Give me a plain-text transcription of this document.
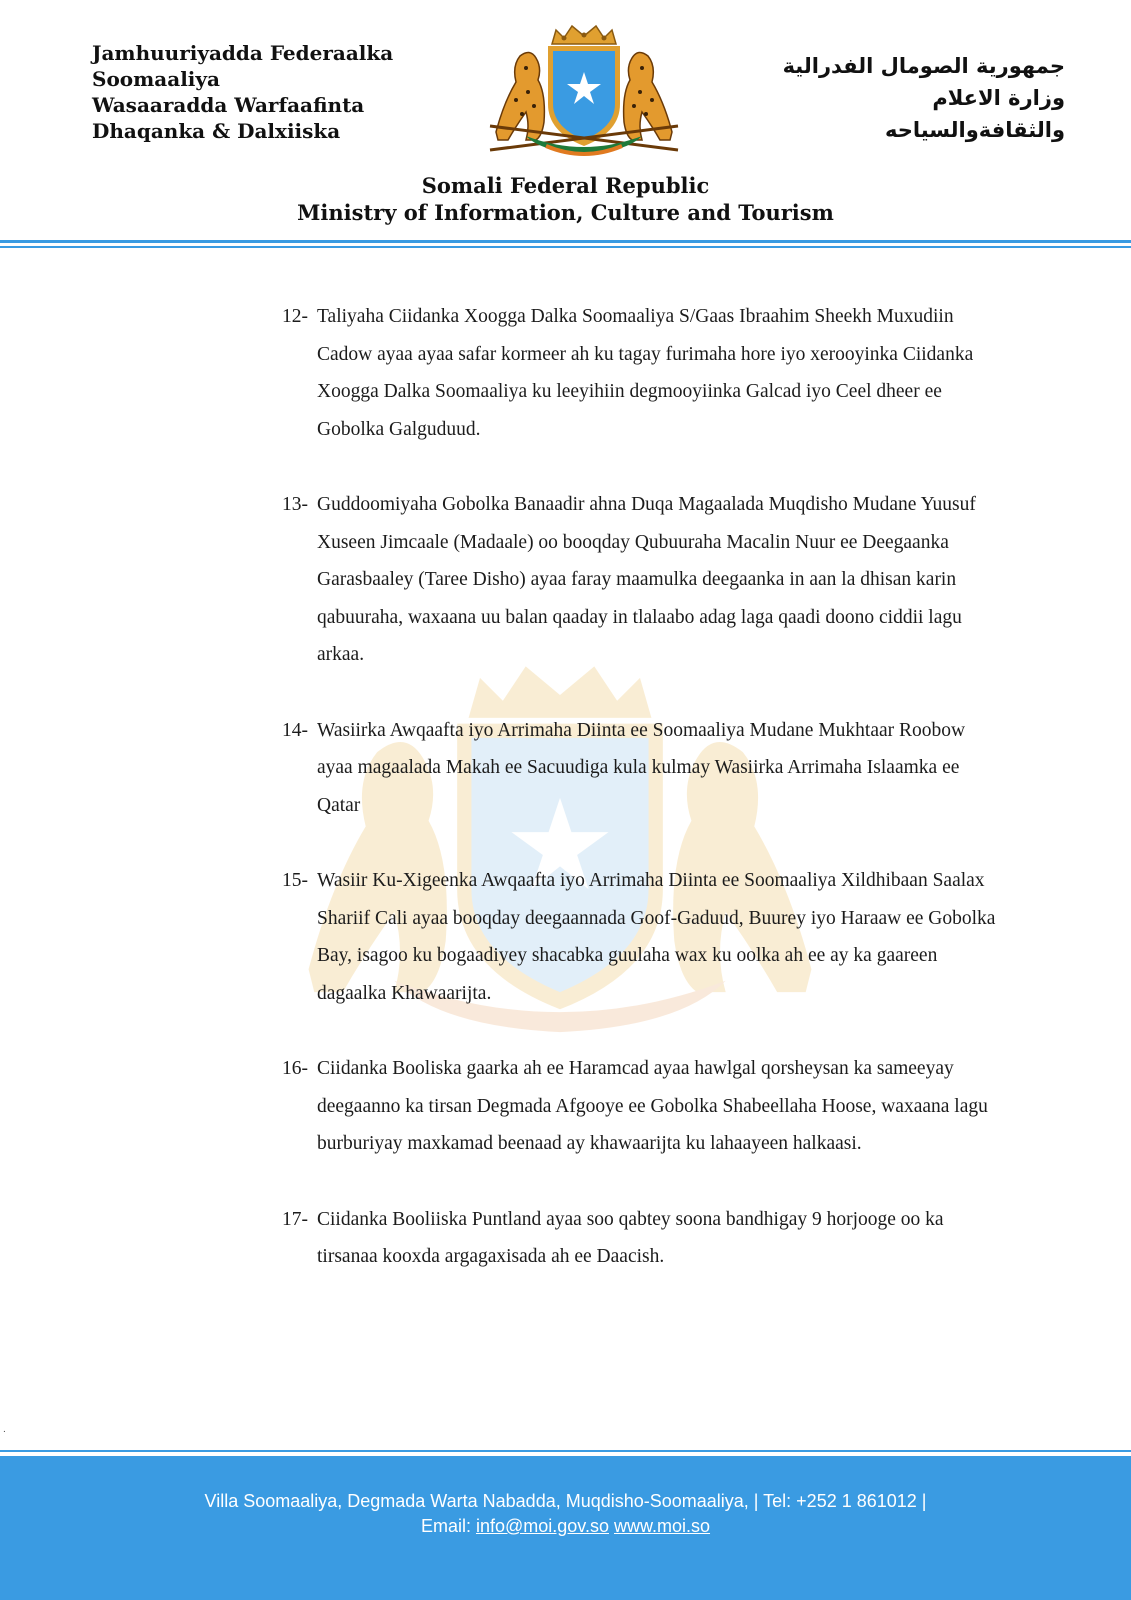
Jamhuuriyadda Federaalka
Soomaaliya
Wasaaradda Warfaafinta
Dhaqanka & Dalxiiska
جمهورية الصومال الفدرالية
وزارة الاعلام
والثقافةوالسياحه
Somali Federal Republic
Ministry of Information, Culture and Tourism
12- Taliyaha Ciidanka Xoogga Dalka Soomaaliya S/Gaas Ibraahim Sheekh Muxudiin Cadow ayaa ayaa safar kormeer ah ku tagay furimaha hore iyo xerooyinka Ciidanka Xoogga Dalka Soomaaliya ku leeyihiin degmooyiinka Galcad iyo Ceel dheer ee Gobolka Galguduud.
13- Guddoomiyaha Gobolka Banaadir ahna Duqa Magaalada Muqdisho Mudane Yuusuf Xuseen Jimcaale (Madaale) oo booqday Qubuuraha Macalin Nuur ee Deegaanka Garasbaaley (Taree Disho) ayaa faray maamulka deegaanka in aan la dhisan karin qabuuraha, waxaana uu balan qaaday in tlalaabo adag laga qaadi doono ciddii lagu arkaa.
14- Wasiirka Awqaafta iyo Arrimaha Diinta ee Soomaaliya Mudane Mukhtaar Roobow ayaa magaalada Makah ee Sacuudiga kula kulmay Wasiirka Arrimaha Islaamka ee Qatar
15- Wasiir Ku-Xigeenka Awqaafta iyo Arrimaha Diinta ee Soomaaliya Xildhibaan Saalax Shariif Cali ayaa booqday deegaannada Goof-Gaduud, Buurey iyo Haraaw ee Gobolka Bay, isagoo ku bogaadiyey shacabka guulaha wax ku oolka ah ee ay ka gaareen dagaalka Khawaarijta.
16- Ciidanka Booliska gaarka ah ee Haramcad ayaa hawlgal qorsheysan ka sameeyay deegaanno ka tirsan Degmada Afgooye ee Gobolka Shabeellaha Hoose, waxaana lagu burburiyay maxkamad beenaad ay khawaarijta ku lahaayeen halkaasi.
17- Ciidanka Booliiska Puntland ayaa soo qabtey soona bandhigay 9 horjooge oo ka tirsanaa kooxda argagaxisada ah ee Daacish.
.
Villa Soomaaliya, Degmada Warta Nabadda, Muqdisho-Soomaaliya, | Tel: +252 1 861012 |
Email: info@moi.gov.so www.moi.so
